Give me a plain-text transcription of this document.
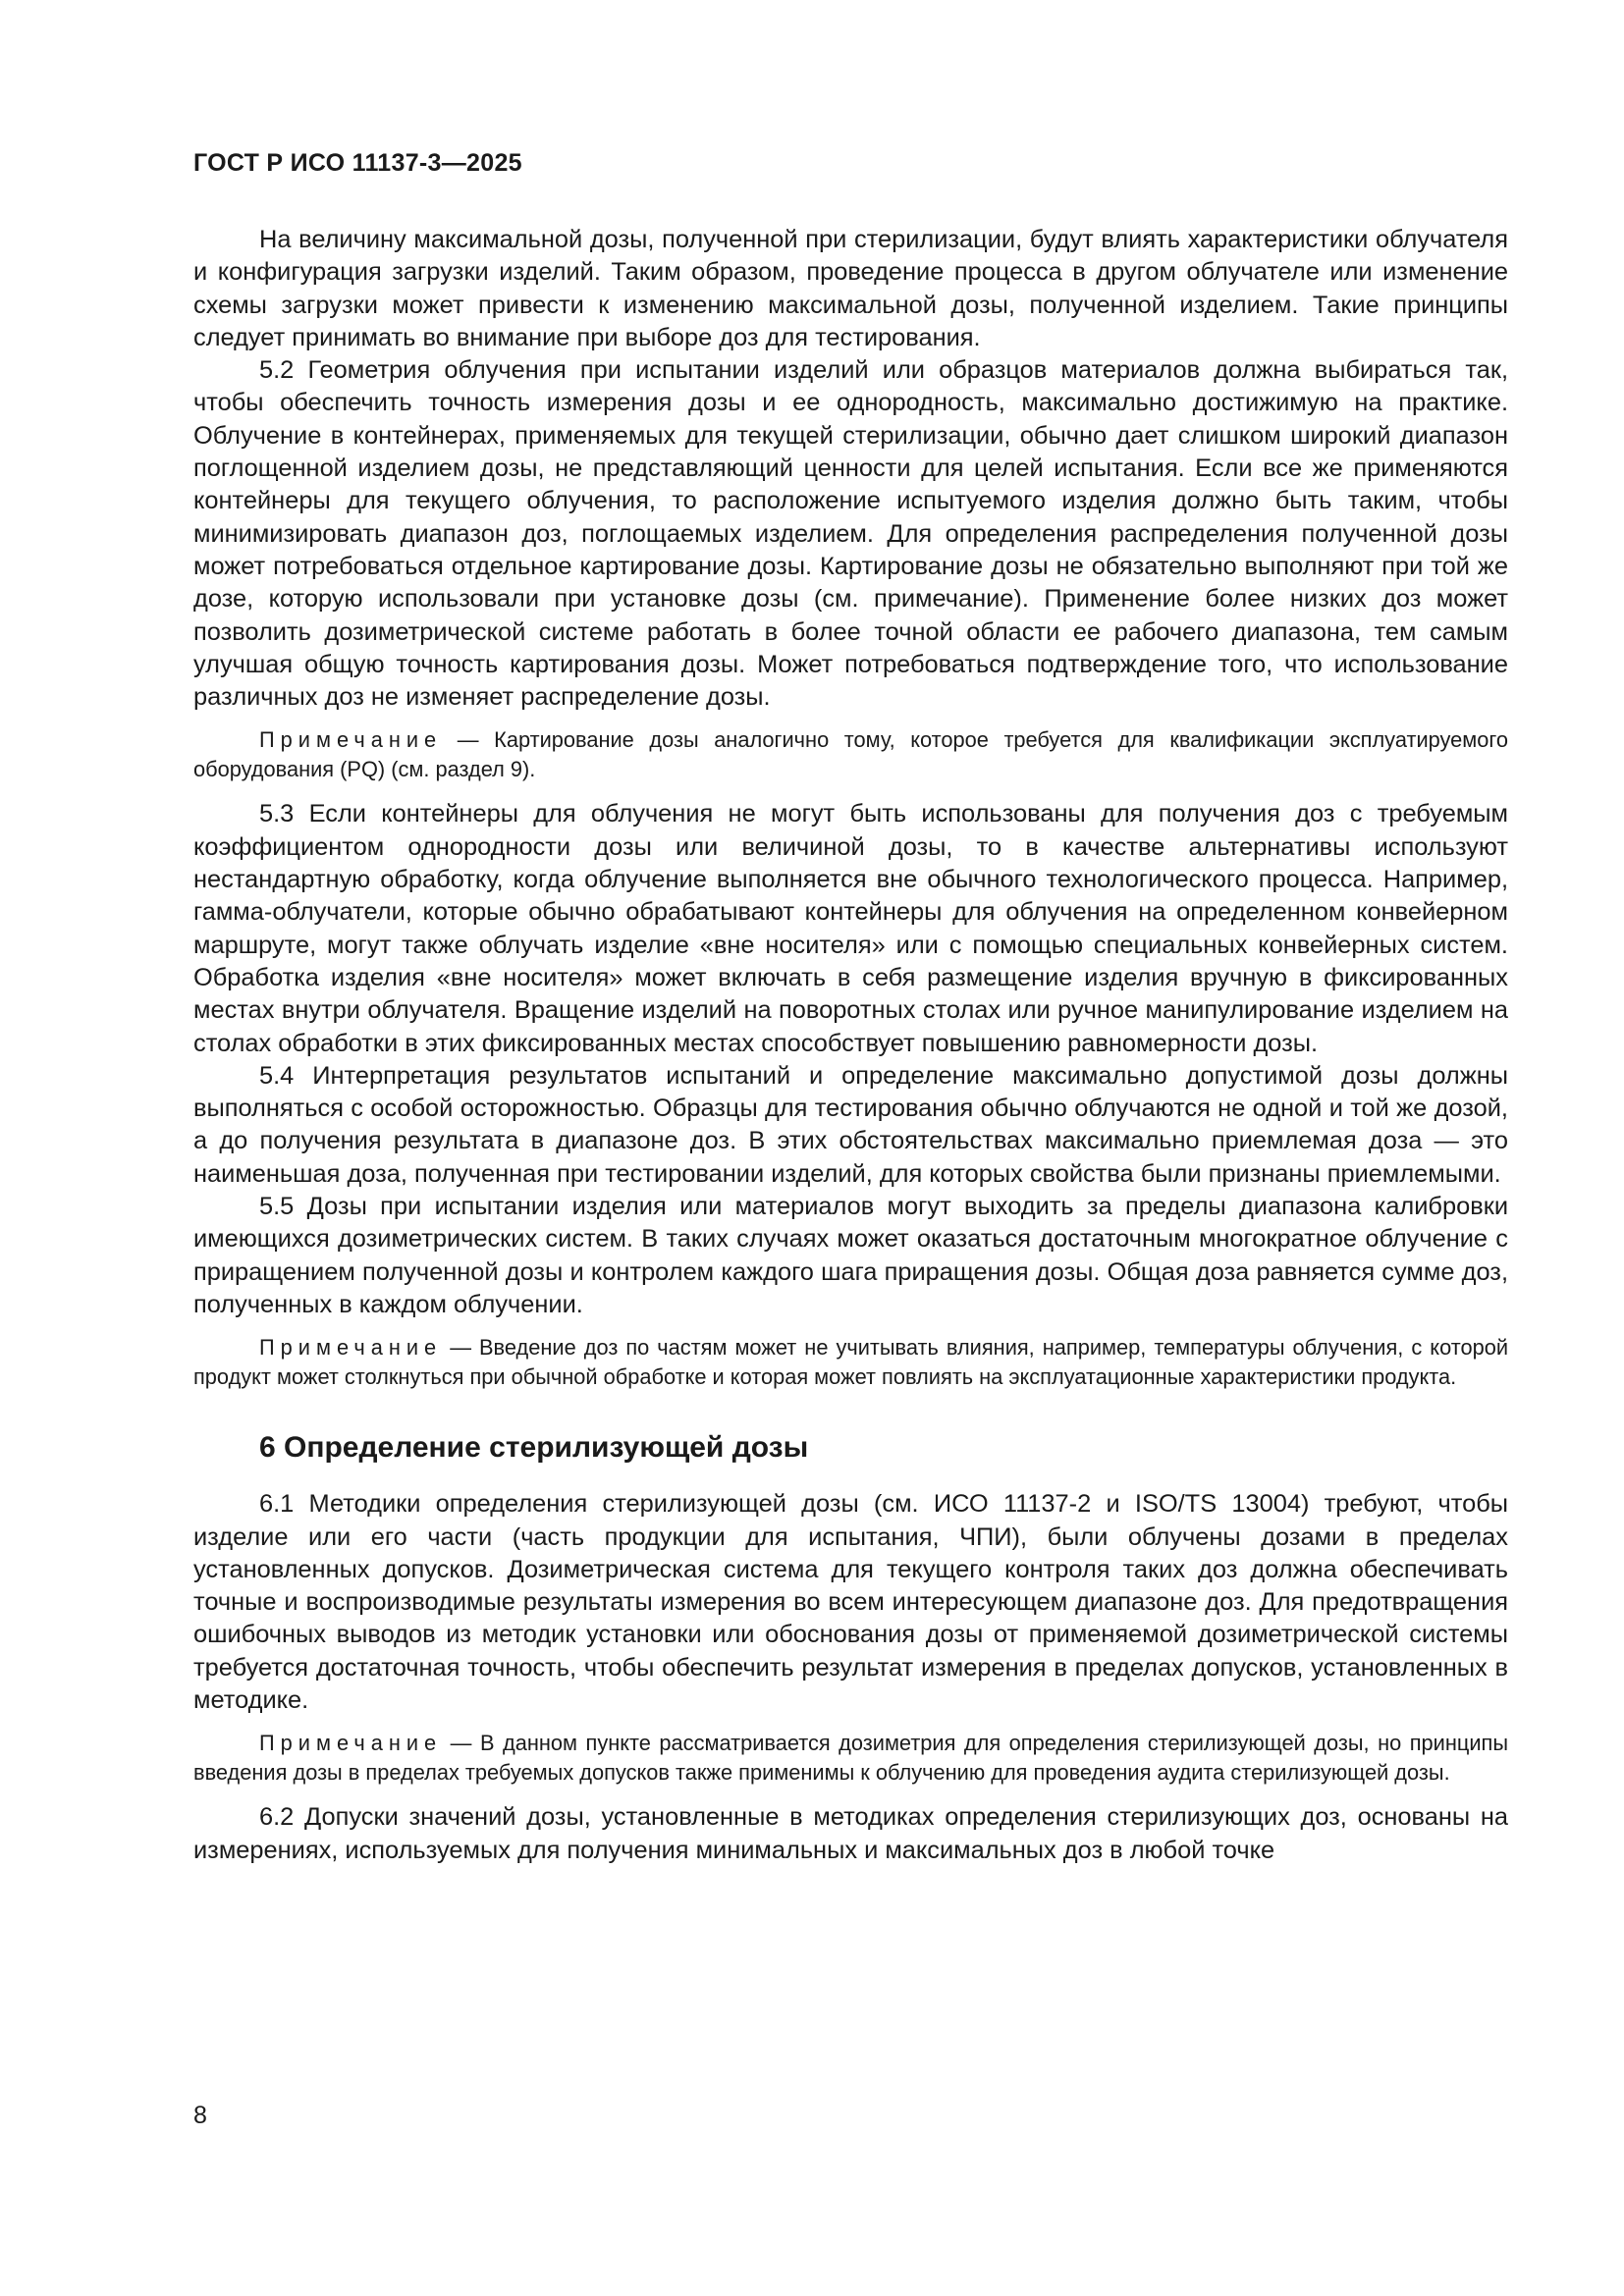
ГОСТ Р ИСО 11137-3—2025

На величину максимальной дозы, полученной при стерилизации, будут влиять характеристики облучателя и конфигурация загрузки изделий. Таким образом, проведение процесса в другом облучателе или изменение схемы загрузки может привести к изменению максимальной дозы, полученной изделием. Такие принципы следует принимать во внимание при выборе доз для тестирования.

5.2 Геометрия облучения при испытании изделий или образцов материалов должна выбираться так, чтобы обеспечить точность измерения дозы и ее однородность, максимально достижимую на практике. Облучение в контейнерах, применяемых для текущей стерилизации, обычно дает слишком широкий диапазон поглощенной изделием дозы, не представляющий ценности для целей испытания. Если все же применяются контейнеры для текущего облучения, то расположение испытуемого изделия должно быть таким, чтобы минимизировать диапазон доз, поглощаемых изделием. Для определения распределения полученной дозы может потребоваться отдельное картирование дозы. Картирование дозы не обязательно выполняют при той же дозе, которую использовали при установке дозы (см. примечание). Применение более низких доз может позволить дозиметрической системе работать в более точной области ее рабочего диапазона, тем самым улучшая общую точность картирования дозы. Может потребоваться подтверждение того, что использование различных доз не изменяет распределение дозы.

Примечание — Картирование дозы аналогично тому, которое требуется для квалификации эксплуатируемого оборудования (PQ) (см. раздел 9).

5.3 Если контейнеры для облучения не могут быть использованы для получения доз с требуемым коэффициентом однородности дозы или величиной дозы, то в качестве альтернативы используют нестандартную обработку, когда облучение выполняется вне обычного технологического процесса. Например, гамма-облучатели, которые обычно обрабатывают контейнеры для облучения на определенном конвейерном маршруте, могут также облучать изделие «вне носителя» или с помощью специальных конвейерных систем. Обработка изделия «вне носителя» может включать в себя размещение изделия вручную в фиксированных местах внутри облучателя. Вращение изделий на поворотных столах или ручное манипулирование изделием на столах обработки в этих фиксированных местах способствует повышению равномерности дозы.

5.4 Интерпретация результатов испытаний и определение максимально допустимой дозы должны выполняться с особой осторожностью. Образцы для тестирования обычно облучаются не одной и той же дозой, а до получения результата в диапазоне доз. В этих обстоятельствах максимально приемлемая доза — это наименьшая доза, полученная при тестировании изделий, для которых свойства были признаны приемлемыми.

5.5 Дозы при испытании изделия или материалов могут выходить за пределы диапазона калибровки имеющихся дозиметрических систем. В таких случаях может оказаться достаточным многократное облучение с приращением полученной дозы и контролем каждого шага приращения дозы. Общая доза равняется сумме доз, полученных в каждом облучении.

Примечание — Введение доз по частям может не учитывать влияния, например, температуры облучения, с которой продукт может столкнуться при обычной обработке и которая может повлиять на эксплуатационные характеристики продукта.

6 Определение стерилизующей дозы

6.1 Методики определения стерилизующей дозы (см. ИСО 11137-2 и ISO/TS 13004) требуют, чтобы изделие или его части (часть продукции для испытания, ЧПИ), были облучены дозами в пределах установленных допусков. Дозиметрическая система для текущего контроля таких доз должна обеспечивать точные и воспроизводимые результаты измерения во всем интересующем диапазоне доз. Для предотвращения ошибочных выводов из методик установки или обоснования дозы от применяемой дозиметрической системы требуется достаточная точность, чтобы обеспечить результат измерения в пределах допусков, установленных в методике.

Примечание — В данном пункте рассматривается дозиметрия для определения стерилизующей дозы, но принципы введения дозы в пределах требуемых допусков также применимы к облучению для проведения аудита стерилизующей дозы.

6.2 Допуски значений дозы, установленные в методиках определения стерилизующих доз, основаны на измерениях, используемых для получения минимальных и максимальных доз в любой точке

8
